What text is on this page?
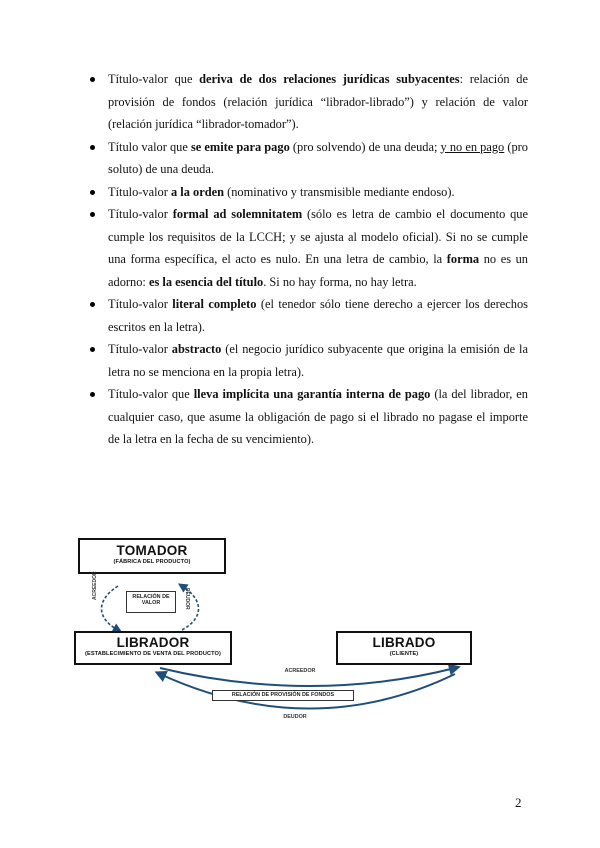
Título-valor que deriva de dos relaciones jurídicas subyacentes: relación de provisión de fondos (relación jurídica “librador-librado”) y relación de valor (relación jurídica “librador-tomador”).
Título valor que se emite para pago (pro solvendo) de una deuda; y no en pago (pro soluto) de una deuda.
Título-valor a la orden (nominativo y transmisible mediante endoso).
Título-valor formal ad solemnitatem (sólo es letra de cambio el documento que cumple los requisitos de la LCCH; y se ajusta al modelo oficial). Si no se cumple una forma específica, el acto es nulo. En una letra de cambio, la forma no es un adorno: es la esencia del título. Si no hay forma, no hay letra.
Título-valor literal completo (el tenedor sólo tiene derecho a ejercer los derechos escritos en la letra).
Título-valor abstracto (el negocio jurídico subyacente que origina la emisión de la letra no se menciona en la propia letra).
Título-valor que lleva implícita una garantía interna de pago (la del librador, en cualquier caso, que asume la obligación de pago si el librado no pagase el importe de la letra en la fecha de su vencimiento).
TOMADOR
(FÁBRICA DEL PRODUCTO)
RELACIÓN DE VALOR
ACREEDOR	DEUDOR
LIBRADOR
(ESTABLECIMIENTO DE VENTA DEL PRODUCTO)
LIBRADO
(CLIENTE)
ACREEDOR
RELACIÓN DE PROVISIÓN DE FONDOS
DEUDOR
2
